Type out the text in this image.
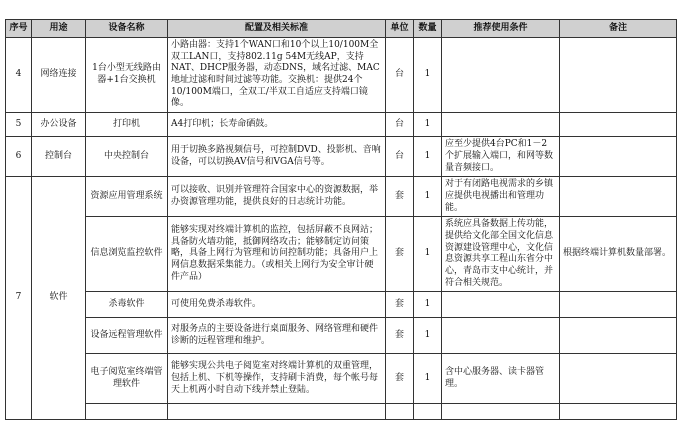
序号	用途	设备名称	配置及相关标准	单位	数量	推荐使用条件	备注
4	网络连接	1台小型无线路由器+1台交换机	小路由器：支持1个WAN口和10个以上10/100M全双工LAN口，支持802.11g 54M无线AP，支持NAT、DHCP服务器，动态DNS，域名过滤、MAC地址过滤和时间过滤等功能。交换机：提供24个10/100M端口，全双工/半双工自适应支持端口镜像。	台	1		
5	办公设备	打印机	A4打印机；长寿命硒鼓。	台	1		
6	控制台	中央控制台	用于切换多路视频信号，可控制DVD、投影机、音响设备，可以切换AV信号和VGA信号等。	台	1	应至少提供4台PC和1－2个扩展输入端口，和网等数量音频接口。	
7	软件	资源应用管理系统	可以接收、识别并管理符合国家中心的资源数据，举办资源管理功能，提供良好的日志统计功能。	套	1	对于有闭路电视需求的乡镇应提供电视播出和管理功能。	
		信息浏览监控软件	能够实现对终端计算机的监控，包括屏蔽不良网站；具备防火墙功能，抵御网络攻击；能够制定访问策略，具备上网行为管理和访问控制功能；具备用户上网信息数据采集能力。（或相关上网行为安全审计硬件产品）	套	1	系统应具备数据上传功能，提供给文化部全国文化信息资源建设管理中心，文化信息资源共享工程山东省分中心，青岛市支中心统计，并符合相关规范。	根据终端计算机数量部署。
		杀毒软件	可使用免费杀毒软件。	套	1		
		设备远程管理软件	对服务点的主要设备进行桌面服务、网络管理和硬件诊断的远程管理和维护。	套	1		
		电子阅览室终端管理软件	能够实现公共电子阅览室对终端计算机的双重管理，包括上机、下机等操作，支持刷卡消费，每个帐号每天上机两小时自动下线并禁止登陆。	套	1	含中心服务器、读卡器管理。	
